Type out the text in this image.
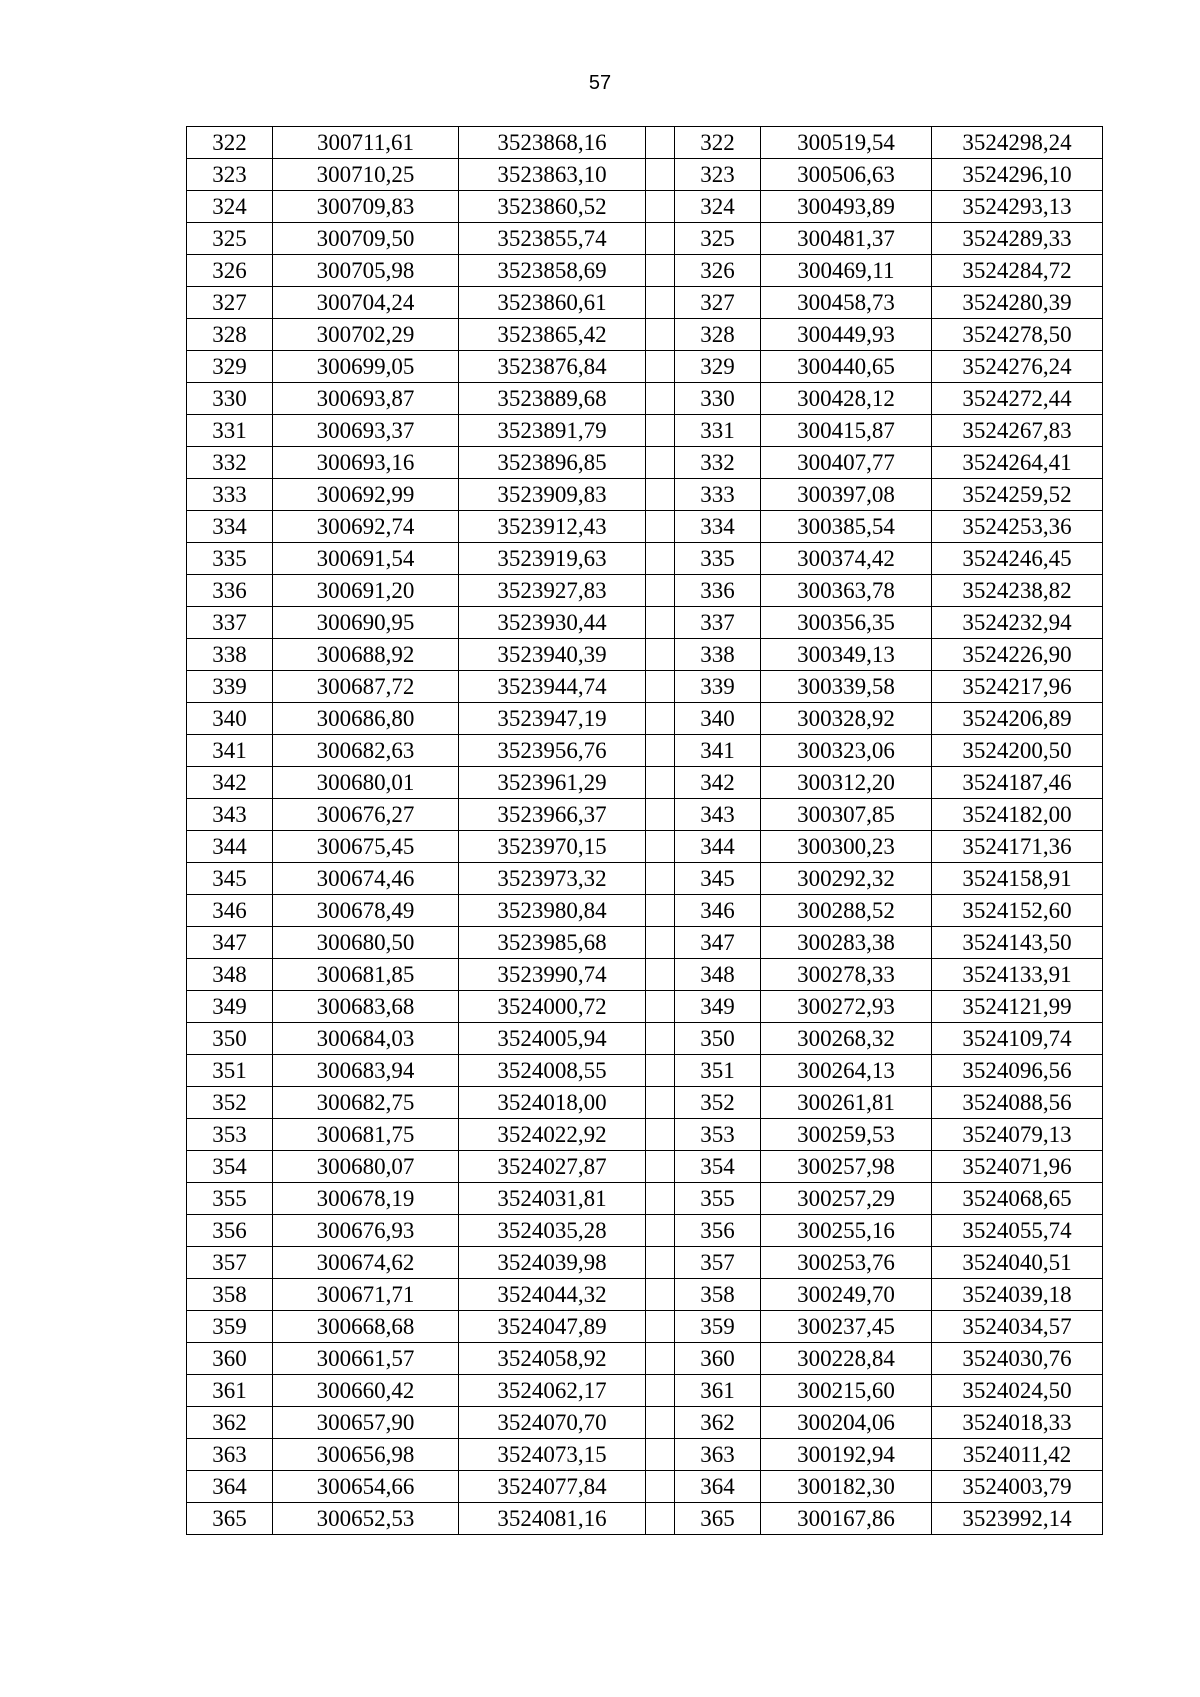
57
322	300711,61	3523868,16		322	300519,54	3524298,24
323	300710,25	3523863,10		323	300506,63	3524296,10
324	300709,83	3523860,52		324	300493,89	3524293,13
325	300709,50	3523855,74		325	300481,37	3524289,33
326	300705,98	3523858,69		326	300469,11	3524284,72
327	300704,24	3523860,61		327	300458,73	3524280,39
328	300702,29	3523865,42		328	300449,93	3524278,50
329	300699,05	3523876,84		329	300440,65	3524276,24
330	300693,87	3523889,68		330	300428,12	3524272,44
331	300693,37	3523891,79		331	300415,87	3524267,83
332	300693,16	3523896,85		332	300407,77	3524264,41
333	300692,99	3523909,83		333	300397,08	3524259,52
334	300692,74	3523912,43		334	300385,54	3524253,36
335	300691,54	3523919,63		335	300374,42	3524246,45
336	300691,20	3523927,83		336	300363,78	3524238,82
337	300690,95	3523930,44		337	300356,35	3524232,94
338	300688,92	3523940,39		338	300349,13	3524226,90
339	300687,72	3523944,74		339	300339,58	3524217,96
340	300686,80	3523947,19		340	300328,92	3524206,89
341	300682,63	3523956,76		341	300323,06	3524200,50
342	300680,01	3523961,29		342	300312,20	3524187,46
343	300676,27	3523966,37		343	300307,85	3524182,00
344	300675,45	3523970,15		344	300300,23	3524171,36
345	300674,46	3523973,32		345	300292,32	3524158,91
346	300678,49	3523980,84		346	300288,52	3524152,60
347	300680,50	3523985,68		347	300283,38	3524143,50
348	300681,85	3523990,74		348	300278,33	3524133,91
349	300683,68	3524000,72		349	300272,93	3524121,99
350	300684,03	3524005,94		350	300268,32	3524109,74
351	300683,94	3524008,55		351	300264,13	3524096,56
352	300682,75	3524018,00		352	300261,81	3524088,56
353	300681,75	3524022,92		353	300259,53	3524079,13
354	300680,07	3524027,87		354	300257,98	3524071,96
355	300678,19	3524031,81		355	300257,29	3524068,65
356	300676,93	3524035,28		356	300255,16	3524055,74
357	300674,62	3524039,98		357	300253,76	3524040,51
358	300671,71	3524044,32		358	300249,70	3524039,18
359	300668,68	3524047,89		359	300237,45	3524034,57
360	300661,57	3524058,92		360	300228,84	3524030,76
361	300660,42	3524062,17		361	300215,60	3524024,50
362	300657,90	3524070,70		362	300204,06	3524018,33
363	300656,98	3524073,15		363	300192,94	3524011,42
364	300654,66	3524077,84		364	300182,30	3524003,79
365	300652,53	3524081,16		365	300167,86	3523992,14
